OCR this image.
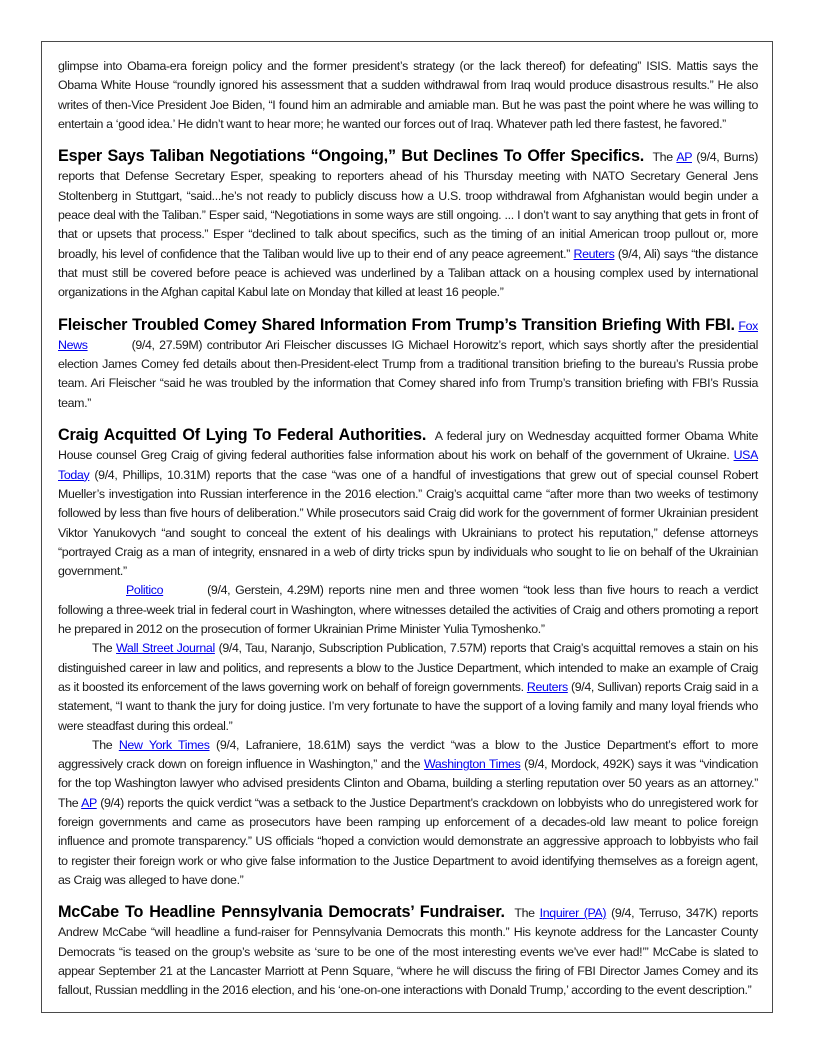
glimpse into Obama-era foreign policy and the former president’s strategy (or the lack thereof) for defeating” ISIS. Mattis says the Obama White House “roundly ignored his assessment that a sudden withdrawal from Iraq would produce disastrous results.” He also writes of then-Vice President Joe Biden, “I found him an admirable and amiable man. But he was past the point where he was willing to entertain a ‘good idea.’ He didn’t want to hear more; he wanted our forces out of Iraq. Whatever path led there fastest, he favored.”

Esper Says Taliban Negotiations “Ongoing,” But Declines To Offer Specifics. The AP (9/4, Burns) reports that Defense Secretary Esper, speaking to reporters ahead of his Thursday meeting with NATO Secretary General Jens Stoltenberg in Stuttgart, “said...he’s not ready to publicly discuss how a U.S. troop withdrawal from Afghanistan would begin under a peace deal with the Taliban.” Esper said, “Negotiations in some ways are still ongoing. ... I don’t want to say anything that gets in front of that or upsets that process.” Esper “declined to talk about specifics, such as the timing of an initial American troop pullout or, more broadly, his level of confidence that the Taliban would live up to their end of any peace agreement.” Reuters (9/4, Ali) says “the distance that must still be covered before peace is achieved was underlined by a Taliban attack on a housing complex used by international organizations in the Afghan capital Kabul late on Monday that killed at least 16 people.”

Fleischer Troubled Comey Shared Information From Trump’s Transition Briefing With FBI. Fox News	(9/4, 27.59M) contributor Ari Fleischer discusses IG Michael Horowitz’s report, which says shortly after the presidential election James Comey fed details about then-President-elect Trump from a traditional transition briefing to the bureau’s Russia probe team. Ari Fleischer “said he was troubled by the information that Comey shared info from Trump’s transition briefing with FBI’s Russia team.”

Craig Acquitted Of Lying To Federal Authorities. A federal jury on Wednesday acquitted former Obama White House counsel Greg Craig of giving federal authorities false information about his work on behalf of the government of Ukraine. USA Today (9/4, Phillips, 10.31M) reports that the case “was one of a handful of investigations that grew out of special counsel Robert Mueller’s investigation into Russian interference in the 2016 election.” Craig’s acquittal came “after more than two weeks of testimony followed by less than five hours of deliberation.” While prosecutors said Craig did work for the government of former Ukrainian president Viktor Yanukovych “and sought to conceal the extent of his dealings with Ukrainians to protect his reputation,” defense attorneys “portrayed Craig as a man of integrity, ensnared in a web of dirty tricks spun by individuals who sought to lie on behalf of the Ukrainian government.”

Politico	(9/4, Gerstein, 4.29M) reports nine men and three women “took less than five hours to reach a verdict following a three-week trial in federal court in Washington, where witnesses detailed the activities of Craig and others promoting a report he prepared in 2012 on the prosecution of former Ukrainian Prime Minister Yulia Tymoshenko.”

The Wall Street Journal (9/4, Tau, Naranjo, Subscription Publication, 7.57M) reports that Craig’s acquittal removes a stain on his distinguished career in law and politics, and represents a blow to the Justice Department, which intended to make an example of Craig as it boosted its enforcement of the laws governing work on behalf of foreign governments. Reuters (9/4, Sullivan) reports Craig said in a statement, “I want to thank the jury for doing justice. I’m very fortunate to have the support of a loving family and many loyal friends who were steadfast during this ordeal.”

The New York Times (9/4, Lafraniere, 18.61M) says the verdict “was a blow to the Justice Department’s effort to more aggressively crack down on foreign influence in Washington,” and the Washington Times (9/4, Mordock, 492K) says it was “vindication for the top Washington lawyer who advised presidents Clinton and Obama, building a sterling reputation over 50 years as an attorney.” The AP (9/4) reports the quick verdict “was a setback to the Justice Department’s crackdown on lobbyists who do unregistered work for foreign governments and came as prosecutors have been ramping up enforcement of a decades-old law meant to police foreign influence and promote transparency.” US officials “hoped a conviction would demonstrate an aggressive approach to lobbyists who fail to register their foreign work or who give false information to the Justice Department to avoid identifying themselves as a foreign agent, as Craig was alleged to have done.”

McCabe To Headline Pennsylvania Democrats’ Fundraiser. The Inquirer (PA) (9/4, Terruso, 347K) reports Andrew McCabe “will headline a fund-raiser for Pennsylvania Democrats this month.” His keynote address for the Lancaster County Democrats “is teased on the group’s website as ‘sure to be one of the most interesting events we’ve ever had!’” McCabe is slated to appear September 21 at the Lancaster Marriott at Penn Square, “where he will discuss the firing of FBI Director James Comey and its fallout, Russian meddling in the 2016 election, and his ‘one-on-one interactions with Donald Trump,’ according to the event description.”
